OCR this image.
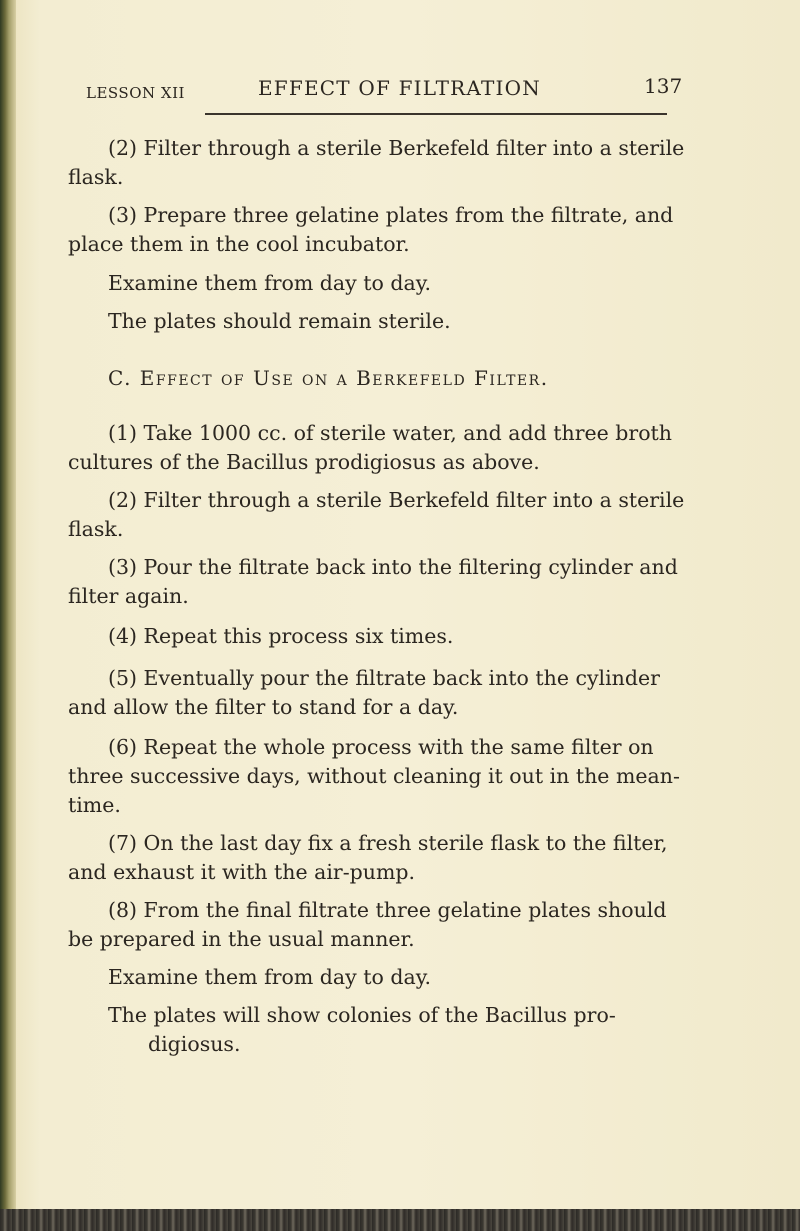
LESSON XII	EFFECT OF FILTRATION	137
(2) Filter through a sterile Berkefeld filter into a sterile
flask.
(3) Prepare three gelatine plates from the filtrate, and
place them in the cool incubator.
Examine them from day to day.
The plates should remain sterile.
C. Effect of Use on a Berkefeld Filter.
(1) Take 1000 cc. of sterile water, and add three broth
cultures of the Bacillus prodigiosus as above.
(2) Filter through a sterile Berkefeld filter into a sterile
flask.
(3) Pour the filtrate back into the filtering cylinder and
filter again.
(4) Repeat this process six times.
(5) Eventually pour the filtrate back into the cylinder
and allow the filter to stand for a day.
(6) Repeat the whole process with the same filter on
three successive days, without cleaning it out in the mean-
time.
(7) On the last day fix a fresh sterile flask to the filter,
and exhaust it with the air-pump.
(8) From the final filtrate three gelatine plates should
be prepared in the usual manner.
Examine them from day to day.
The plates will show colonies of the Bacillus pro-
digiosus.
